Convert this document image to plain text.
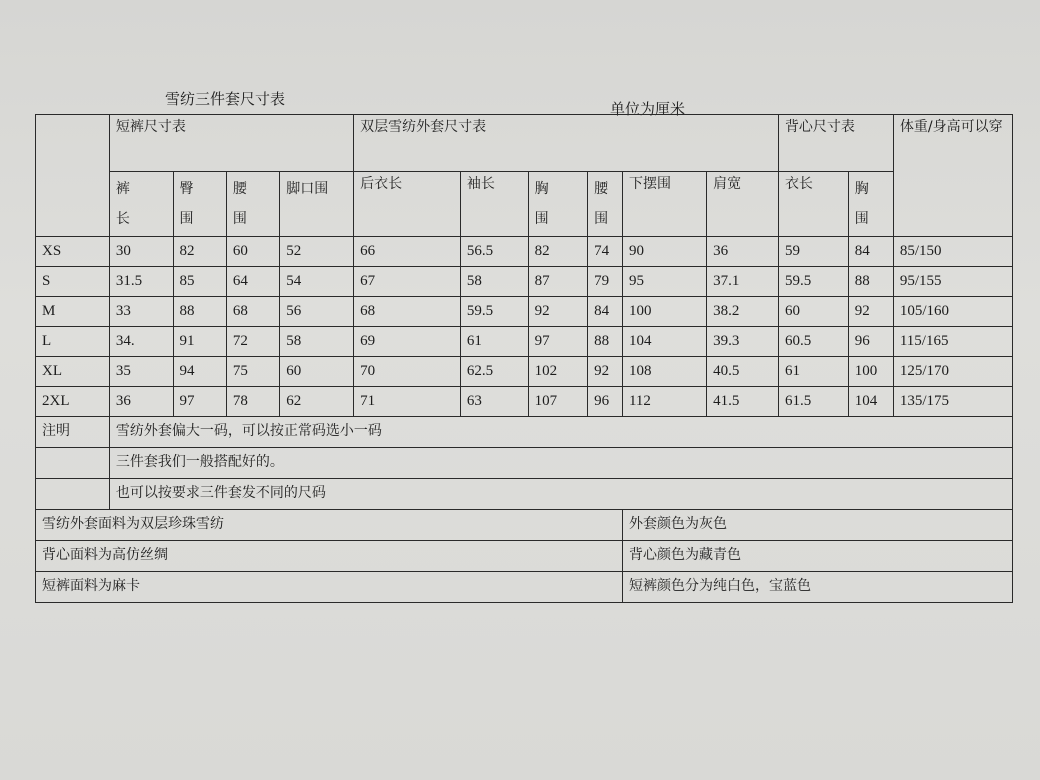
雪纺三件套尺寸表
单位为厘米
	短裤尺寸表				双层雪纺外套尺寸表						背心尺寸表		体重/身高可以穿

	裤长	臀围	腰围	脚口围	后衣长	袖长	胸围	腰围	下摆围	肩宽	衣长	胸围	

XS	30	82	60	52	66	56.5	82	74	90	36	59	84	85/150
S	31.5	85	64	54	67	58	87	79	95	37.1	59.5	88	95/155
M	33	88	68	56	68	59.5	92	84	100	38.2	60	92	105/160
L	34.	91	72	58	69	61	97	88	104	39.3	60.5	96	115/165
XL	35	94	75	60	70	62.5	102	92	108	40.5	61	100	125/170
2XL	36	97	78	62	71	63	107	96	112	41.5	61.5	104	135/175
注明	雪纺外套偏大一码，可以按正常码选小一码												
	三件套我们一般搭配好的。												
	也可以按要求三件套发不同的尺码												
雪纺外套面料为双层珍珠雪纺									外套颜色为灰色				
背心面料为高仿丝绸									背心颜色为藏青色				
短裤面料为麻卡									短裤颜色分为纯白色，宝蓝色				
